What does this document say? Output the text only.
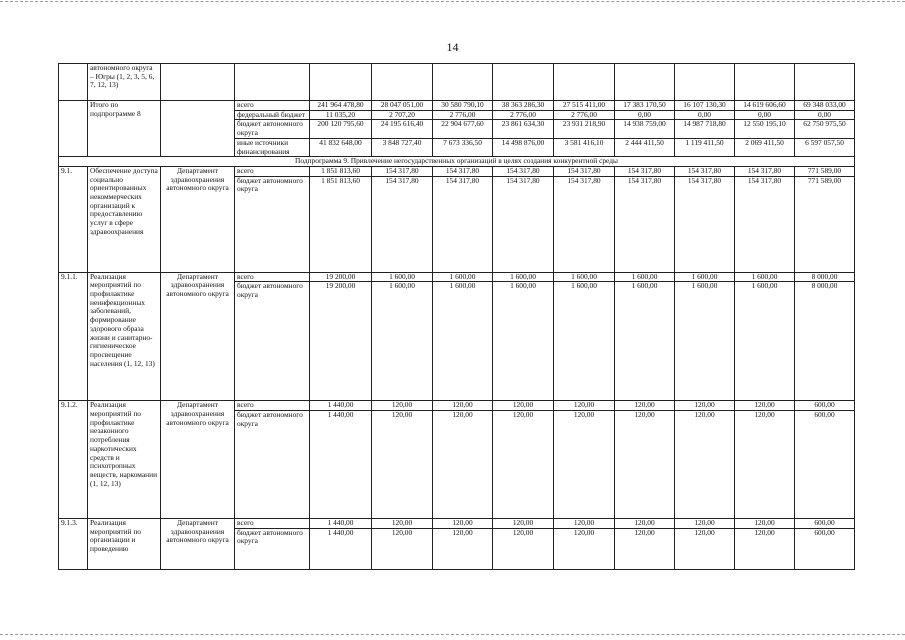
14
	автономного округа – Югры (1, 2, 3, 5, 6, 7, 12, 13)											
	Итого по подпрограмме 8		всего	241 964 478,80	28 047 051,00	30 580 790,10	38 363 286,30	27 515 411,00	17 383 170,50	16 107 130,30	14 619 606,60	69 348 033,00
			федеральный бюджет	11 035,20	2 707,20	2 776,00	2 776,00	2 776,00	0,00	0,00	0,00	0,00
			бюджет автономного округа	200 120 795,60	24 195 616,40	22 904 677,60	23 861 634,30	23 931 218,90	14 938 759,00	14 987 718,80	12 550 195,10	62 750 975,50
			иные источники финансирования	41 832 648,00	3 848 727,40	7 673 336,50	14 498 876,00	3 581 416,10	2 444 411,50	1 119 411,50	2 069 411,50	6 597 057,50
Подпрограмма 9. Привлечение негосударственных организаций в целях создания конкурентной среды												
9.1.	Обеспечение доступа социально ориентированных некоммерческих организаций к предоставлению услуг в сфере здравоохранения	Департамент здравоохранения автономного округа	всего	1 851 813,60	154 317,80	154 317,80	154 317,80	154 317,80	154 317,80	154 317,80	154 317,80	771 589,00
			бюджет автономного округа	1 851 813,60	154 317,80	154 317,80	154 317,80	154 317,80	154 317,80	154 317,80	154 317,80	771 589,00
9.1.1.	Реализация мероприятий по профилактике неинфекционных заболеваний, формирование здорового образа жизни и санитарно-гигиеническое просвещение населения (1, 12, 13)	Департамент здравоохранения автономного округа	всего	19 200,00	1 600,00	1 600,00	1 600,00	1 600,00	1 600,00	1 600,00	1 600,00	8 000,00
			бюджет автономного округа	19 200,00	1 600,00	1 600,00	1 600,00	1 600,00	1 600,00	1 600,00	1 600,00	8 000,00
9.1.2.	Реализация мероприятий по профилактике незаконного потребления наркотических средств и психотропных веществ, наркомании (1, 12, 13)	Департамент здравоохранения автономного округа	всего	1 440,00	120,00	120,00	120,00	120,00	120,00	120,00	120,00	600,00
			бюджет автономного округа	1 440,00	120,00	120,00	120,00	120,00	120,00	120,00	120,00	600,00
9.1.3.	Реализация мероприятий по организации и проведению	Департамент здравоохранения автономного округа	всего	1 440,00	120,00	120,00	120,00	120,00	120,00	120,00	120,00	600,00
			бюджет автономного округа	1 440,00	120,00	120,00	120,00	120,00	120,00	120,00	120,00	600,00
